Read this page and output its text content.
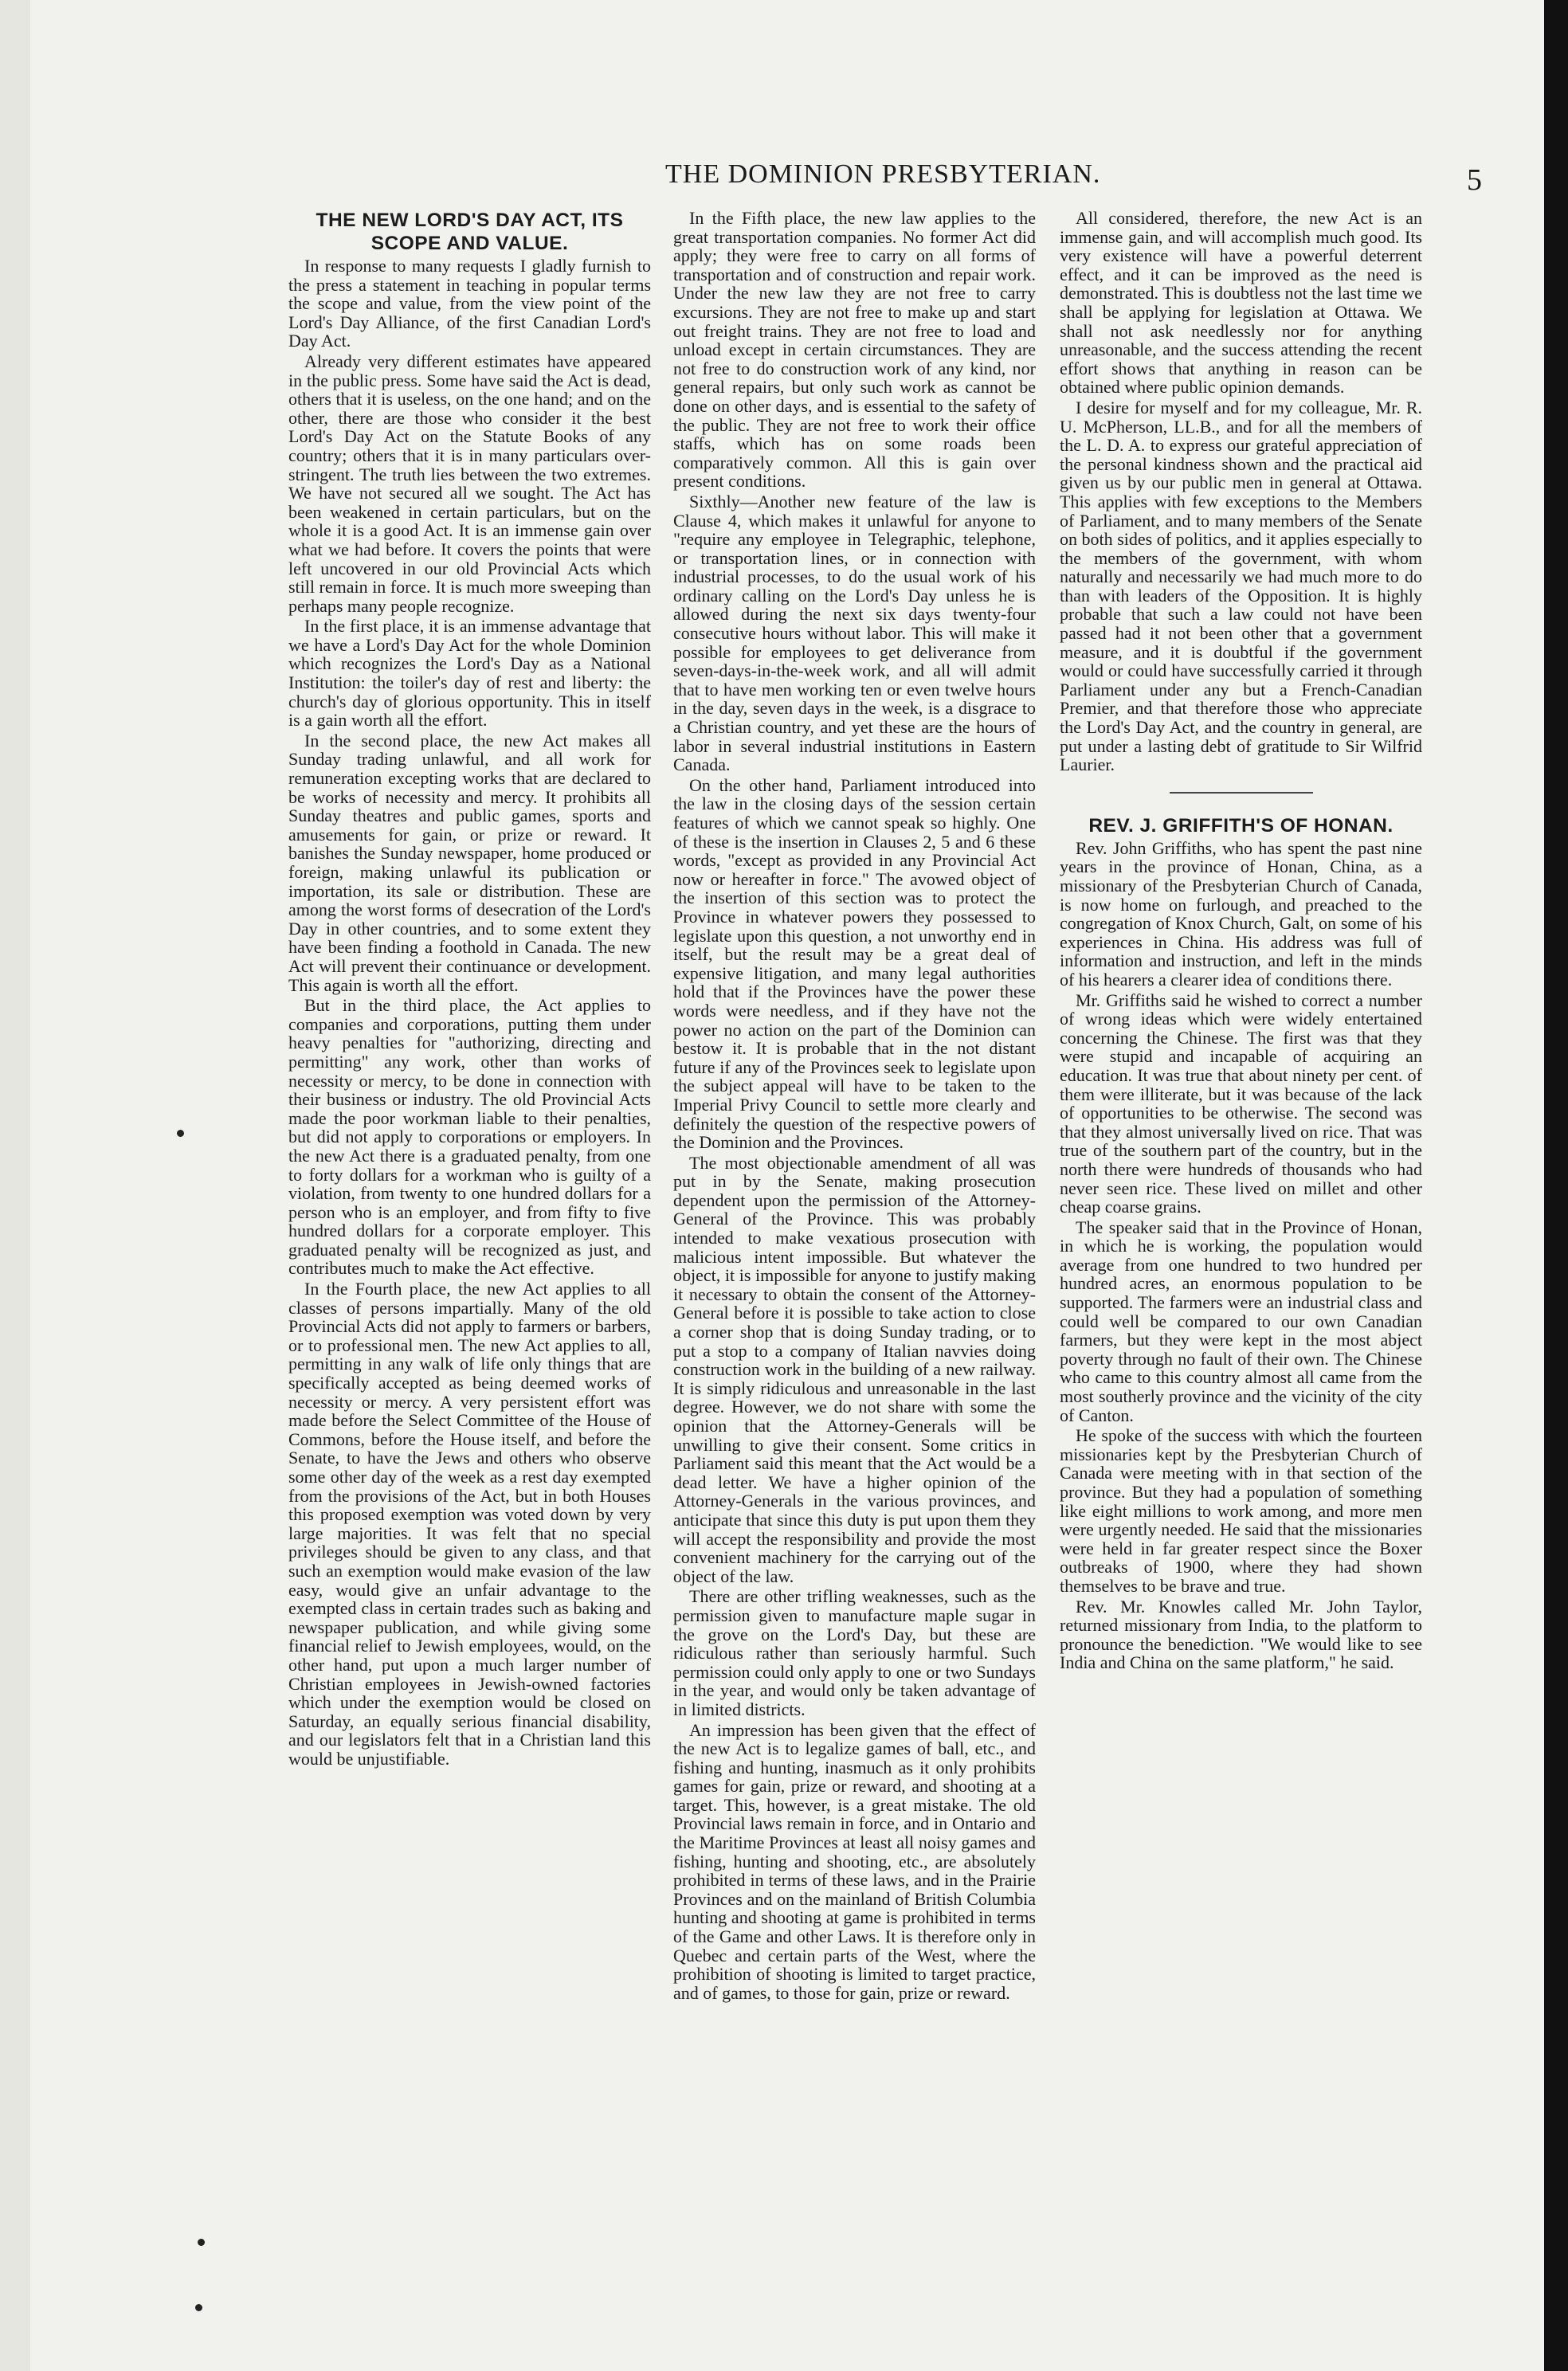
THE DOMINION PRESBYTERIAN.	5

THE NEW LORD'S DAY ACT, ITS SCOPE AND VALUE.

In response to many requests I gladly furnish to the press a statement in teaching in popular terms the scope and value, from the view point of the Lord's Day Alliance, of the first Canadian Lord's Day Act.

Already very different estimates have appeared in the public press. Some have said the Act is dead, others that it is useless, on the one hand; and on the other, there are those who consider it the best Lord's Day Act on the Statute Books of any country; others that it is in many particulars over-stringent. The truth lies between the two extremes. We have not secured all we sought. The Act has been weakened in certain particulars, but on the whole it is a good Act. It is an immense gain over what we had before. It covers the points that were left uncovered in our old Provincial Acts which still remain in force. It is much more sweeping than perhaps many people recognize.

In the first place, it is an immense advantage that we have a Lord's Day Act for the whole Dominion which recognizes the Lord's Day as a National Institution: the toiler's day of rest and liberty: the church's day of glorious opportunity. This in itself is a gain worth all the effort.

In the second place, the new Act makes all Sunday trading unlawful, and all work for remuneration excepting works that are declared to be works of necessity and mercy. It prohibits all Sunday theatres and public games, sports and amusements for gain, or prize or reward. It banishes the Sunday newspaper, home produced or foreign, making unlawful its publication or importation, its sale or distribution. These are among the worst forms of desecration of the Lord's Day in other countries, and to some extent they have been finding a foothold in Canada. The new Act will prevent their continuance or development. This again is worth all the effort.

But in the third place, the Act applies to companies and corporations, putting them under heavy penalties for "authorizing, directing and permitting" any work, other than works of necessity or mercy, to be done in connection with their business or industry. The old Provincial Acts made the poor workman liable to their penalties, but did not apply to corporations or employers. In the new Act there is a graduated penalty, from one to forty dollars for a workman who is guilty of a violation, from twenty to one hundred dollars for a person who is an employer, and from fifty to five hundred dollars for a corporate employer. This graduated penalty will be recognized as just, and contributes much to make the Act effective.

In the Fourth place, the new Act applies to all classes of persons impartially. Many of the old Provincial Acts did not apply to farmers or barbers, or to professional men. The new Act applies to all, permitting in any walk of life only things that are specifically accepted as being deemed works of necessity or mercy. A very persistent effort was made before the Select Committee of the House of Commons, before the House itself, and before the Senate, to have the Jews and others who observe some other day of the week as a rest day exempted from the provisions of the Act, but in both Houses this proposed exemption was voted down by very large majorities. It was felt that no special privileges should be given to any class, and that such an exemption would make evasion of the law easy, would give an unfair advantage to the exempted class in certain trades such as baking and newspaper publication, and while giving some financial relief to Jewish employees, would, on the other hand, put upon a much larger number of Christian employees in Jewish-owned factories which under the exemption would be closed on Saturday, an equally serious financial disability, and our legislators felt that in a Christian land this would be unjustifiable.

In the Fifth place, the new law applies to the great transportation companies. No former Act did apply; they were free to carry on all forms of transportation and of construction and repair work. Under the new law they are not free to carry excursions. They are not free to make up and start out freight trains. They are not free to load and unload except in certain circumstances. They are not free to do construction work of any kind, nor general repairs, but only such work as cannot be done on other days, and is essential to the safety of the public. They are not free to work their office staffs, which has on some roads been comparatively common. All this is gain over present conditions.

Sixthly—Another new feature of the law is Clause 4, which makes it unlawful for anyone to "require any employee in Telegraphic, telephone, or transportation lines, or in connection with industrial processes, to do the usual work of his ordinary calling on the Lord's Day unless he is allowed during the next six days twenty-four consecutive hours without labor. This will make it possible for employees to get deliverance from seven-days-in-the-week work, and all will admit that to have men working ten or even twelve hours in the day, seven days in the week, is a disgrace to a Christian country, and yet these are the hours of labor in several industrial institutions in Eastern Canada.

On the other hand, Parliament introduced into the law in the closing days of the session certain features of which we cannot speak so highly. One of these is the insertion in Clauses 2, 5 and 6 these words, "except as provided in any Provincial Act now or hereafter in force." The avowed object of the insertion of this section was to protect the Province in whatever powers they possessed to legislate upon this question, a not unworthy end in itself, but the result may be a great deal of expensive litigation, and many legal authorities hold that if the Provinces have the power these words were needless, and if they have not the power no action on the part of the Dominion can bestow it. It is probable that in the not distant future if any of the Provinces seek to legislate upon the subject appeal will have to be taken to the Imperial Privy Council to settle more clearly and definitely the question of the respective powers of the Dominion and the Provinces.

The most objectionable amendment of all was put in by the Senate, making prosecution dependent upon the permission of the Attorney-General of the Province. This was probably intended to make vexatious prosecution with malicious intent impossible. But whatever the object, it is impossible for anyone to justify making it necessary to obtain the consent of the Attorney-General before it is possible to take action to close a corner shop that is doing Sunday trading, or to put a stop to a company of Italian navvies doing construction work in the building of a new railway. It is simply ridiculous and unreasonable in the last degree. However, we do not share with some the opinion that the Attorney-Generals will be unwilling to give their consent. Some critics in Parliament said this meant that the Act would be a dead letter. We have a higher opinion of the Attorney-Generals in the various provinces, and anticipate that since this duty is put upon them they will accept the responsibility and provide the most convenient machinery for the carrying out of the object of the law.

There are other trifling weaknesses, such as the permission given to manufacture maple sugar in the grove on the Lord's Day, but these are ridiculous rather than seriously harmful. Such permission could only apply to one or two Sundays in the year, and would only be taken advantage of in limited districts.

An impression has been given that the effect of the new Act is to legalize games of ball, etc., and fishing and hunting, inasmuch as it only prohibits games for gain, prize or reward, and shooting at a target. This, however, is a great mistake. The old Provincial laws remain in force, and in Ontario and the Maritime Provinces at least all noisy games and fishing, hunting and shooting, etc., are absolutely prohibited in terms of these laws, and in the Prairie Provinces and on the mainland of British Columbia hunting and shooting at game is prohibited in terms of the Game and other Laws. It is therefore only in Quebec and certain parts of the West, where the prohibition of shooting is limited to target practice, and of games, to those for gain, prize or reward.

All considered, therefore, the new Act is an immense gain, and will accomplish much good. Its very existence will have a powerful deterrent effect, and it can be improved as the need is demonstrated. This is doubtless not the last time we shall be applying for legislation at Ottawa. We shall not ask needlessly nor for anything unreasonable, and the success attending the recent effort shows that anything in reason can be obtained where public opinion demands.

I desire for myself and for my colleague, Mr. R. U. McPherson, LL.B., and for all the members of the L. D. A. to express our grateful appreciation of the personal kindness shown and the practical aid given us by our public men in general at Ottawa. This applies with few exceptions to the Members of Parliament, and to many members of the Senate on both sides of politics, and it applies especially to the members of the government, with whom naturally and necessarily we had much more to do than with leaders of the Opposition. It is highly probable that such a law could not have been passed had it not been other that a government measure, and it is doubtful if the government would or could have successfully carried it through Parliament under any but a French-Canadian Premier, and that therefore those who appreciate the Lord's Day Act, and the country in general, are put under a lasting debt of gratitude to Sir Wilfrid Laurier.

REV. J. GRIFFITH'S OF HONAN.

Rev. John Griffiths, who has spent the past nine years in the province of Honan, China, as a missionary of the Presbyterian Church of Canada, is now home on furlough, and preached to the congregation of Knox Church, Galt, on some of his experiences in China. His address was full of information and instruction, and left in the minds of his hearers a clearer idea of conditions there.

Mr. Griffiths said he wished to correct a number of wrong ideas which were widely entertained concerning the Chinese. The first was that they were stupid and incapable of acquiring an education. It was true that about ninety per cent. of them were illiterate, but it was because of the lack of opportunities to be otherwise. The second was that they almost universally lived on rice. That was true of the southern part of the country, but in the north there were hundreds of thousands who had never seen rice. These lived on millet and other cheap coarse grains.

The speaker said that in the Province of Honan, in which he is working, the population would average from one hundred to two hundred per hundred acres, an enormous population to be supported. The farmers were an industrial class and could well be compared to our own Canadian farmers, but they were kept in the most abject poverty through no fault of their own. The Chinese who came to this country almost all came from the most southerly province and the vicinity of the city of Canton.

He spoke of the success with which the fourteen missionaries kept by the Presbyterian Church of Canada were meeting with in that section of the province. But they had a population of something like eight millions to work among, and more men were urgently needed. He said that the missionaries were held in far greater respect since the Boxer outbreaks of 1900, where they had shown themselves to be brave and true.

Rev. Mr. Knowles called Mr. John Taylor, returned missionary from India, to the platform to pronounce the benediction. "We would like to see India and China on the same platform," he said.
